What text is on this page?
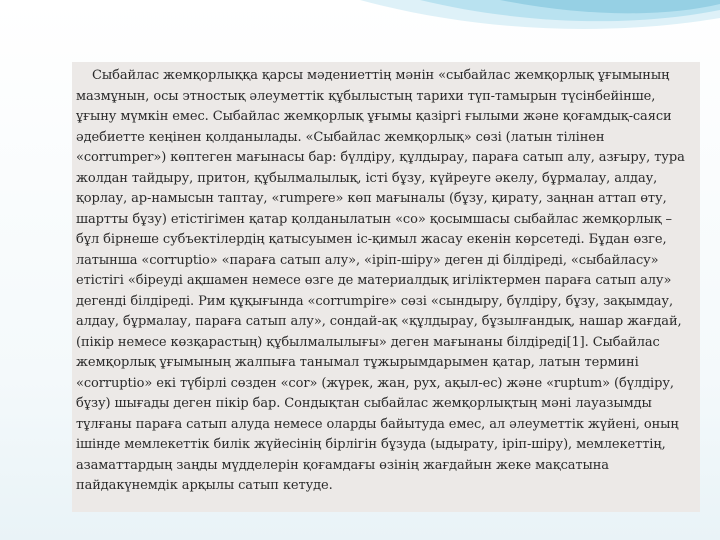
Сыбайлас жемқорлыққа қарсы мәдениеттің мәнін «сыбайлас жемқорлық ұғымының мазмұнын, осы этностық әлеуметтік құбылыстың тарихи түп-тамырын түсінбейінше, ұғыну мүмкін емес. Сыбайлас жемқорлық ұғымы қазіргі ғылыми және қоғамдық-саяси әдебиетте кеңінен қолданылады. «Сыбайлас жемқорлық» сөзі (латын тілінен «corrumper») көптеген мағынасы бар: бүлдіру, құлдырау, параға сатып алу, азғыру, тура жолдан тайдыру, притон, құбылмалылық, істі бұзу, күйреуге әкелу, бұрмалау, алдау, қорлау, ар-намысын таптау, «rumpere» көп мағыналы (бұзу, қирату, заңнан аттап өту, шартты бұзу) етістігімен қатар қолданылатын «co» қосымшасы сыбайлас жемқорлық – бұл бірнеше субъектілердің қатысуымен іс-қимыл жасау екенін көрсетеді. Бұдан өзге, латынша «corruptio» «параға сатып алу», «іріп-шіру» деген ді білдіреді, «сыбайласу» етістігі «біреуді ақшамен немесе өзге де материалдық игіліктермен параға сатып алу» дегенді білдіреді. Рим құқығында «corrumpire» сөзі «сындыру, бүлдіру, бұзу, зақымдау, алдау, бұрмалау, параға сатып алу», сондай-ақ «құлдырау, бұзылғандық, нашар жағдай, (пікір немесе көзқарастың) құбылмалылығы» деген мағынаны білдіреді[1]. Сыбайлас жемқорлық ұғымының жалпыға танымал тұжырымдарымен қатар, латын термині «corruptio» екі түбірлі сөзден «cor» (жүрек, жан, рух, ақыл-ес) және «ruptum» (бүлдіру, бұзу) шығады деген пікір бар. Сондықтан сыбайлас жемқорлықтың мәні лауазымды тұлғаны параға сатып алуда немесе оларды байытуда емес, ал әлеуметтік жүйені, оның ішінде мемлекеттік билік жүйесінің бірлігін бұзуда (ыдырату, іріп-шіру), мемлекеттің, азаматтардың заңды мүдделерін қоғамдағы өзінің жағдайын жеке мақсатына пайдакүнемдік арқылы сатып кетуде.
